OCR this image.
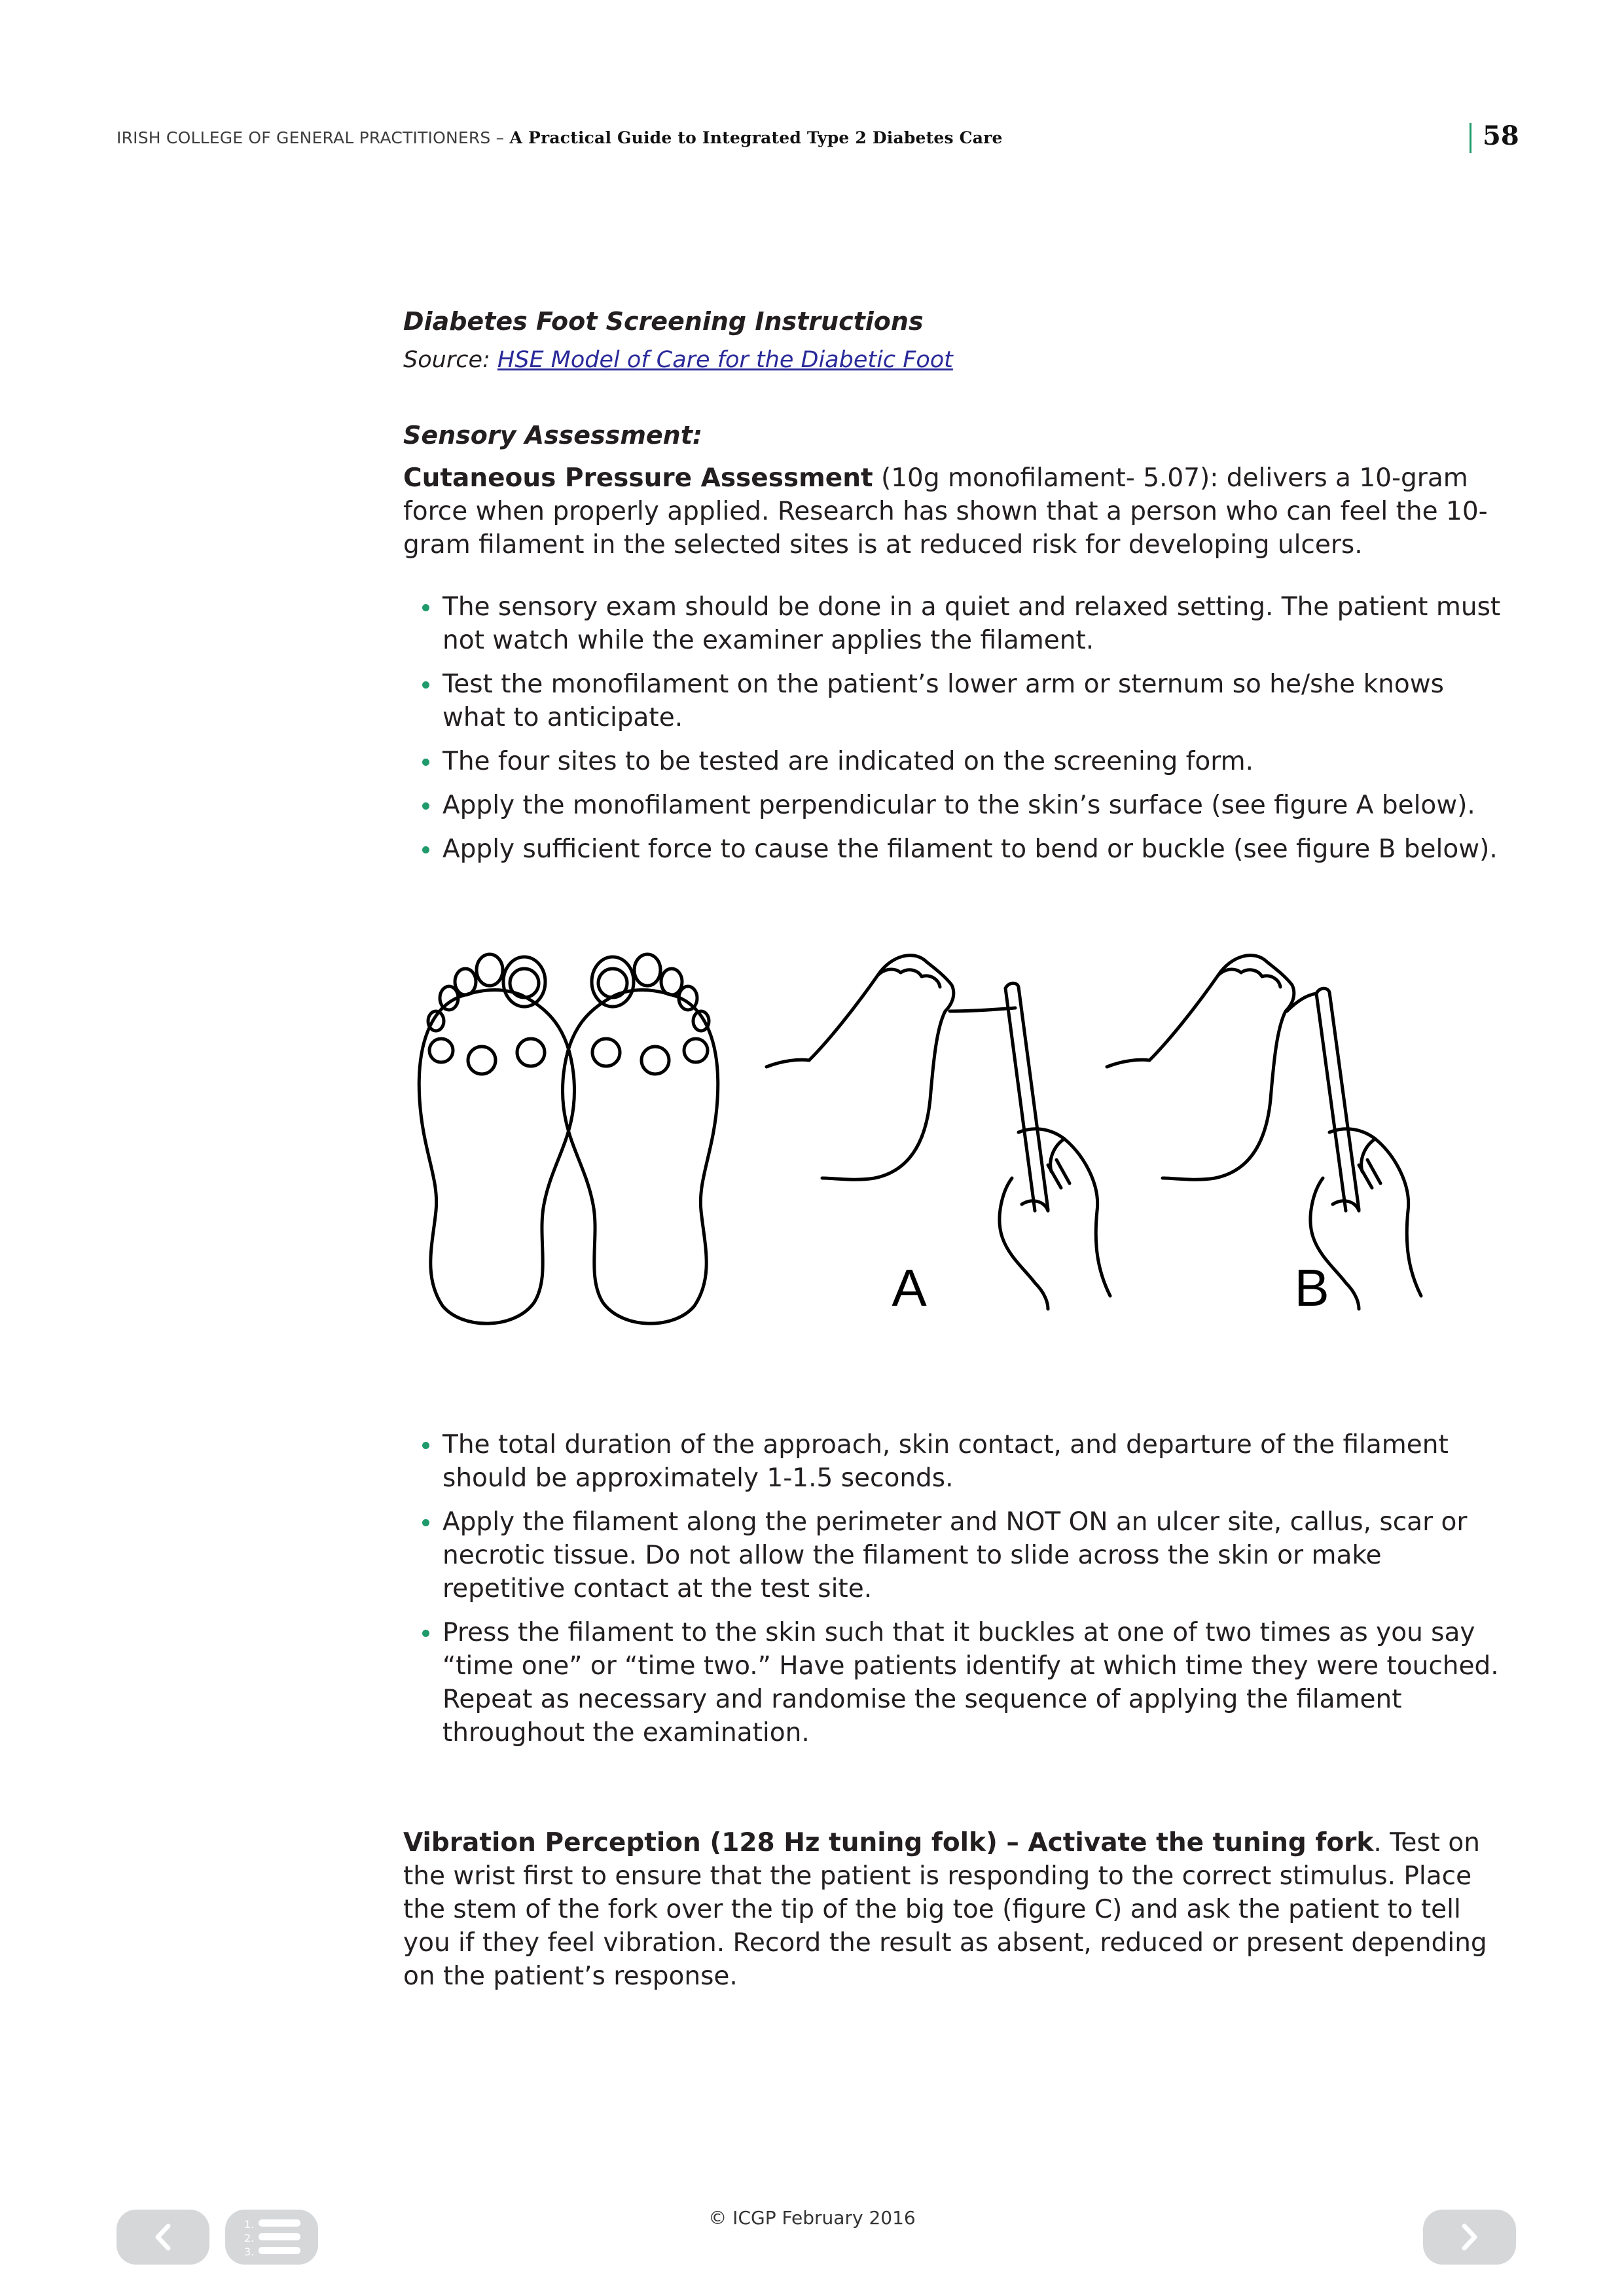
IRISH COLLEGE OF GENERAL PRACTITIONERS – A Practical Guide to Integrated Type 2 Diabetes Care	58
Diabetes Foot Screening Instructions
Source: HSE Model of Care for the Diabetic Foot
Sensory Assessment:

Cutaneous Pressure Assessment (10g monofilament- 5.07): delivers a 10-gram force when properly applied. Research has shown that a person who can feel the 10-gram filament in the selected sites is at reduced risk for developing ulcers.

The sensory exam should be done in a quiet and relaxed setting. The patient must not watch while the examiner applies the filament.
Test the monofilament on the patient’s lower arm or sternum so he/she knows what to anticipate.
The four sites to be tested are indicated on the screening form.
Apply the monofilament perpendicular to the skin’s surface (see figure A below).
Apply sufficient force to cause the filament to bend or buckle (see figure B below).
A	B
The total duration of the approach, skin contact, and departure of the filament should be approximately 1-1.5 seconds.
Apply the filament along the perimeter and NOT ON an ulcer site, callus, scar or necrotic tissue. Do not allow the filament to slide across the skin or make repetitive contact at the test site.
Press the filament to the skin such that it buckles at one of two times as you say “time one” or “time two.” Have patients identify at which time they were touched. Repeat as necessary and randomise the sequence of applying the filament throughout the examination.

Vibration Perception (128 Hz tuning folk) – Activate the tuning fork. Test on the wrist first to ensure that the patient is responding to the correct stimulus. Place the stem of the fork over the tip of the big toe (figure C) and ask the patient to tell you if they feel vibration. Record the result as absent, reduced or present depending on the patient’s response.

© ICGP February 2016
1.
2.
3.
